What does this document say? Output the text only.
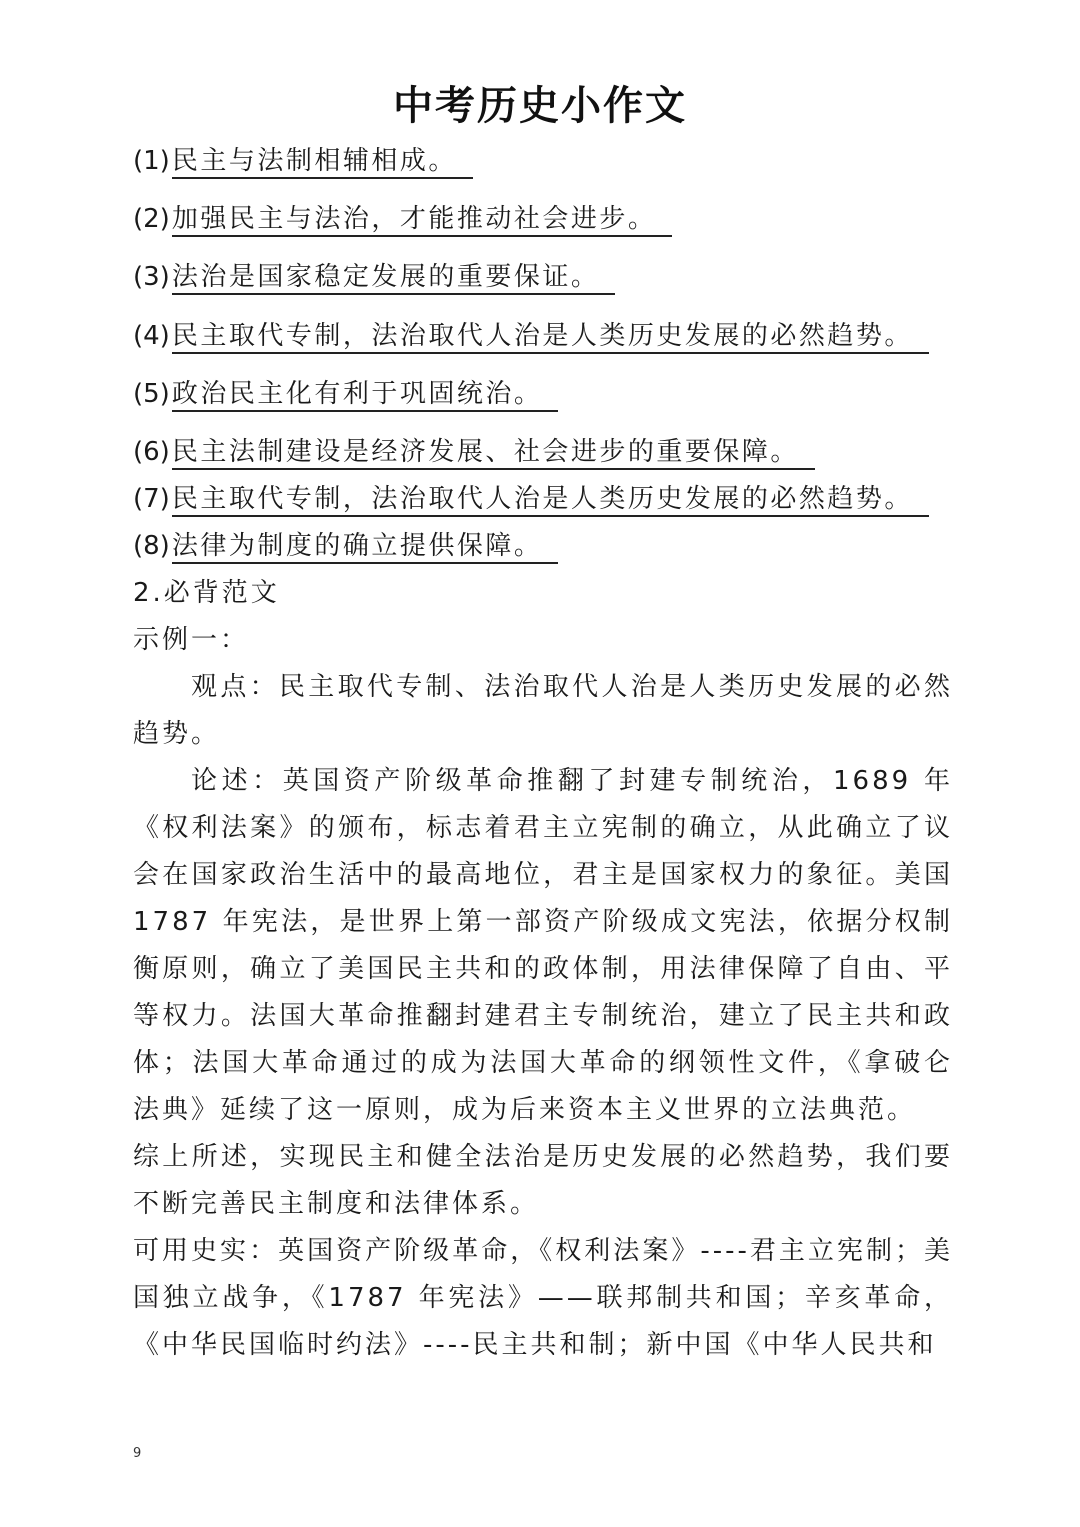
中考历史小作文
(1)民主与法制相辅相成。
(2)加强民主与法治，才能推动社会进步。
(3)法治是国家稳定发展的重要保证。
(4)民主取代专制，法治取代人治是人类历史发展的必然趋势。
(5)政治民主化有利于巩固统治。
(6)民主法制建设是经济发展、社会进步的重要保障。
(7)民主取代专制，法治取代人治是人类历史发展的必然趋势。
(8)法律为制度的确立提供保障。

2.必背范文

示例一：

观点：民主取代专制、法治取代人治是人类历史发展的必然趋势。

论述：英国资产阶级革命推翻了封建专制统治，1689 年《权利法案》的颁布，标志着君主立宪制的确立，从此确立了议会在国家政治生活中的最高地位，君主是国家权力的象征。美国 1787 年宪法，是世界上第一部资产阶级成文宪法，依据分权制衡原则，确立了美国民主共和的政体制，用法律保障了自由、平等权力。法国大革命推翻封建君主专制统治，建立了民主共和政体；法国大革命通过的成为法国大革命的纲领性文件，《拿破仑法典》延续了这一原则，成为后来资本主义世界的立法典范。

综上所述，实现民主和健全法治是历史发展的必然趋势，我们要不断完善民主制度和法律体系。

可用史实：英国资产阶级革命，《权利法案》----君主立宪制；美国独立战争，《1787 年宪法》——联邦制共和国；辛亥革命，《中华民国临时约法》----民主共和制；新中国《中华人民共和

9
